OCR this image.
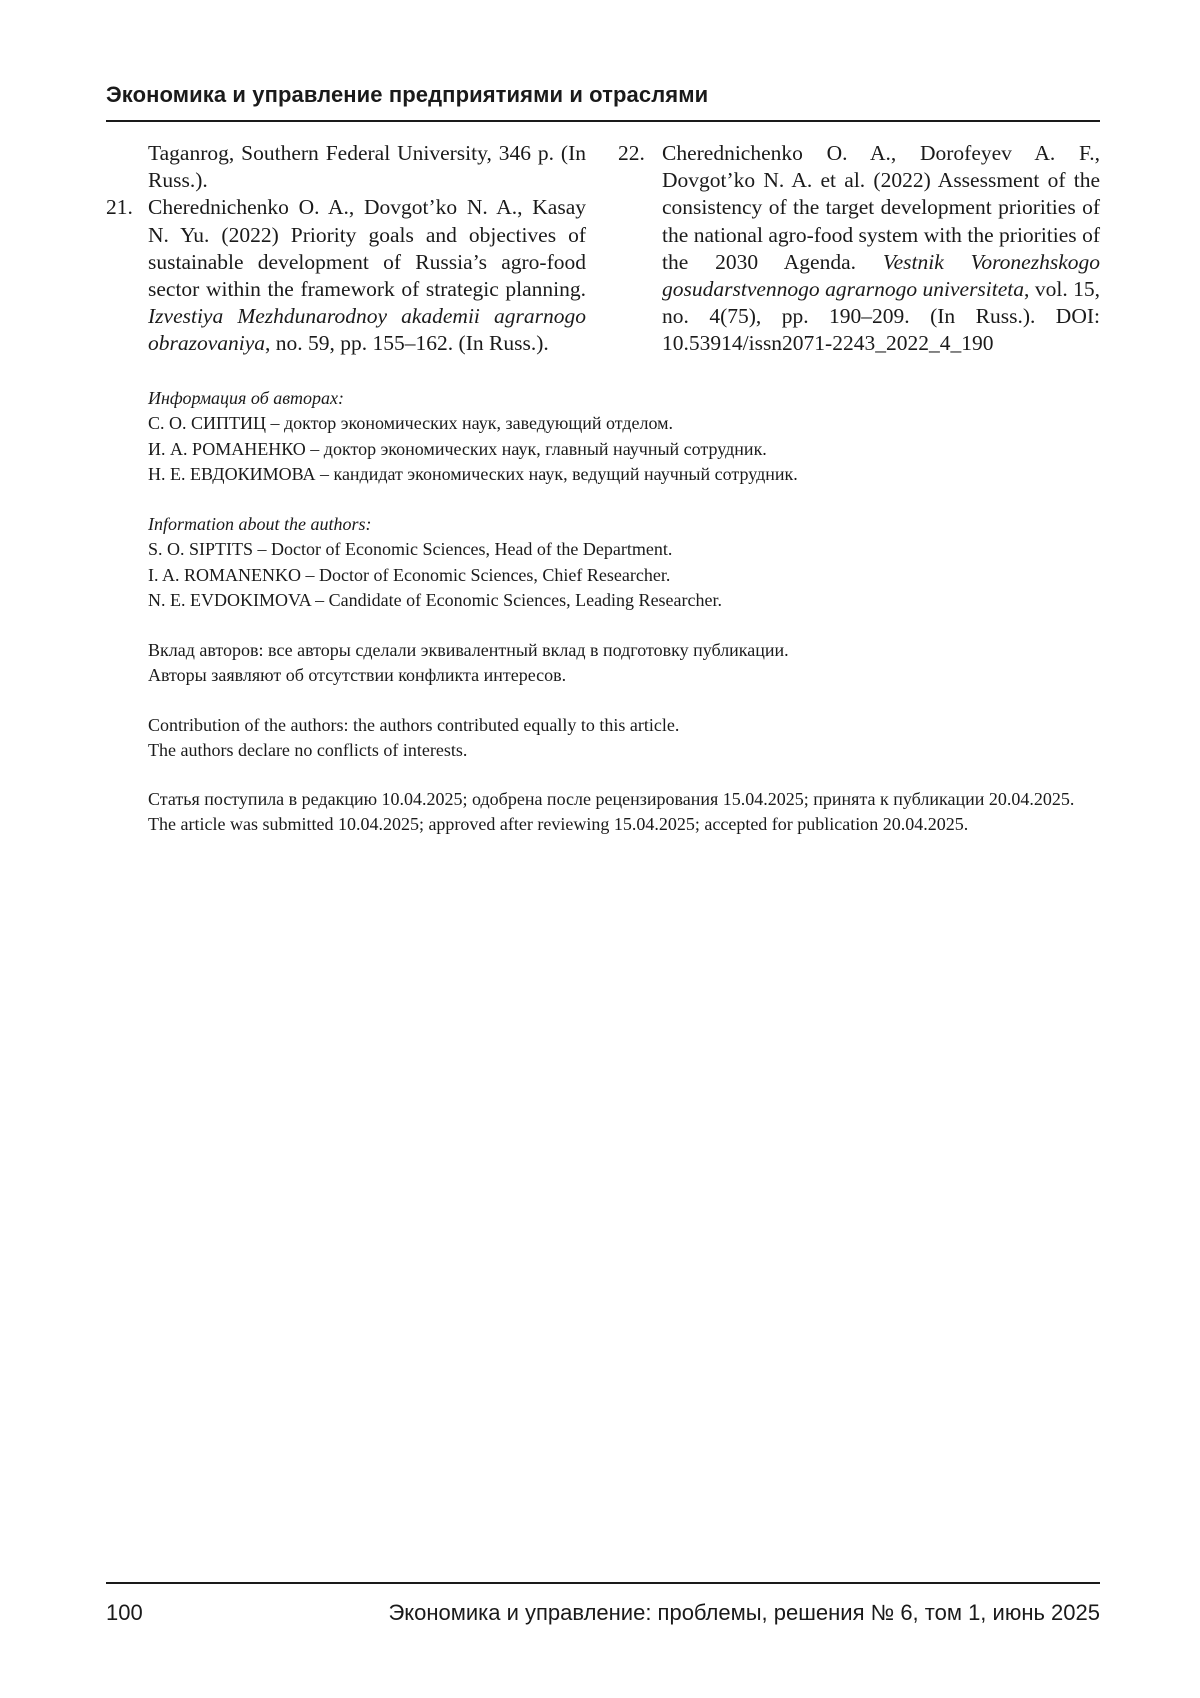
Экономика и управление предприятиями и отраслями

Taganrog, Southern Federal University, 346 p. (In Russ.).

21. Cherednichenko O. A., Dovgot’ko N. A., Kasay N. Yu. (2022) Priority goals and objectives of sustainable development of Russia’s agro-food sector within the framework of strategic planning. Izvestiya Mezhdunarodnoy akademii agrarnogo obrazovaniya, no. 59, pp. 155–162. (In Russ.).

22. Cherednichenko O. A., Dorofeyev A. F., Dovgot’ko N. A. et al. (2022) Assessment of the consistency of the target development priorities of the national agro-food system with the priorities of the 2030 Agenda. Vestnik Voronezhskogo gosudarstvennogo agrarnogo universiteta, vol. 15, no. 4(75), pp. 190–209. (In Russ.). DOI: 10.53914/issn2071-2243_2022_4_190

Информация об авторах:

С. О. СИПТИЦ – доктор экономических наук, заведующий отделом.

И. А. РОМАНЕНКО – доктор экономических наук, главный научный сотрудник.

Н. Е. ЕВДОКИМОВА – кандидат экономических наук, ведущий научный сотрудник.

Information about the authors:

S. O. SIPTITS – Doctor of Economic Sciences, Head of the Department.

I. A. ROMANENKO – Doctor of Economic Sciences, Chief Researcher.

N. E. EVDOKIMOVA – Candidate of Economic Sciences, Leading Researcher.

Вклад авторов: все авторы сделали эквивалентный вклад в подготовку публикации.

Авторы заявляют об отсутствии конфликта интересов.

Contribution of the authors: the authors contributed equally to this article.

The authors declare no conflicts of interests.

Статья поступила в редакцию 10.04.2025; одобрена после рецензирования 15.04.2025; принята к публикации 20.04.2025.

The article was submitted 10.04.2025; approved after reviewing 15.04.2025; accepted for publication 20.04.2025.

100	Экономика и управление: проблемы, решения № 6, том 1, июнь 2025
